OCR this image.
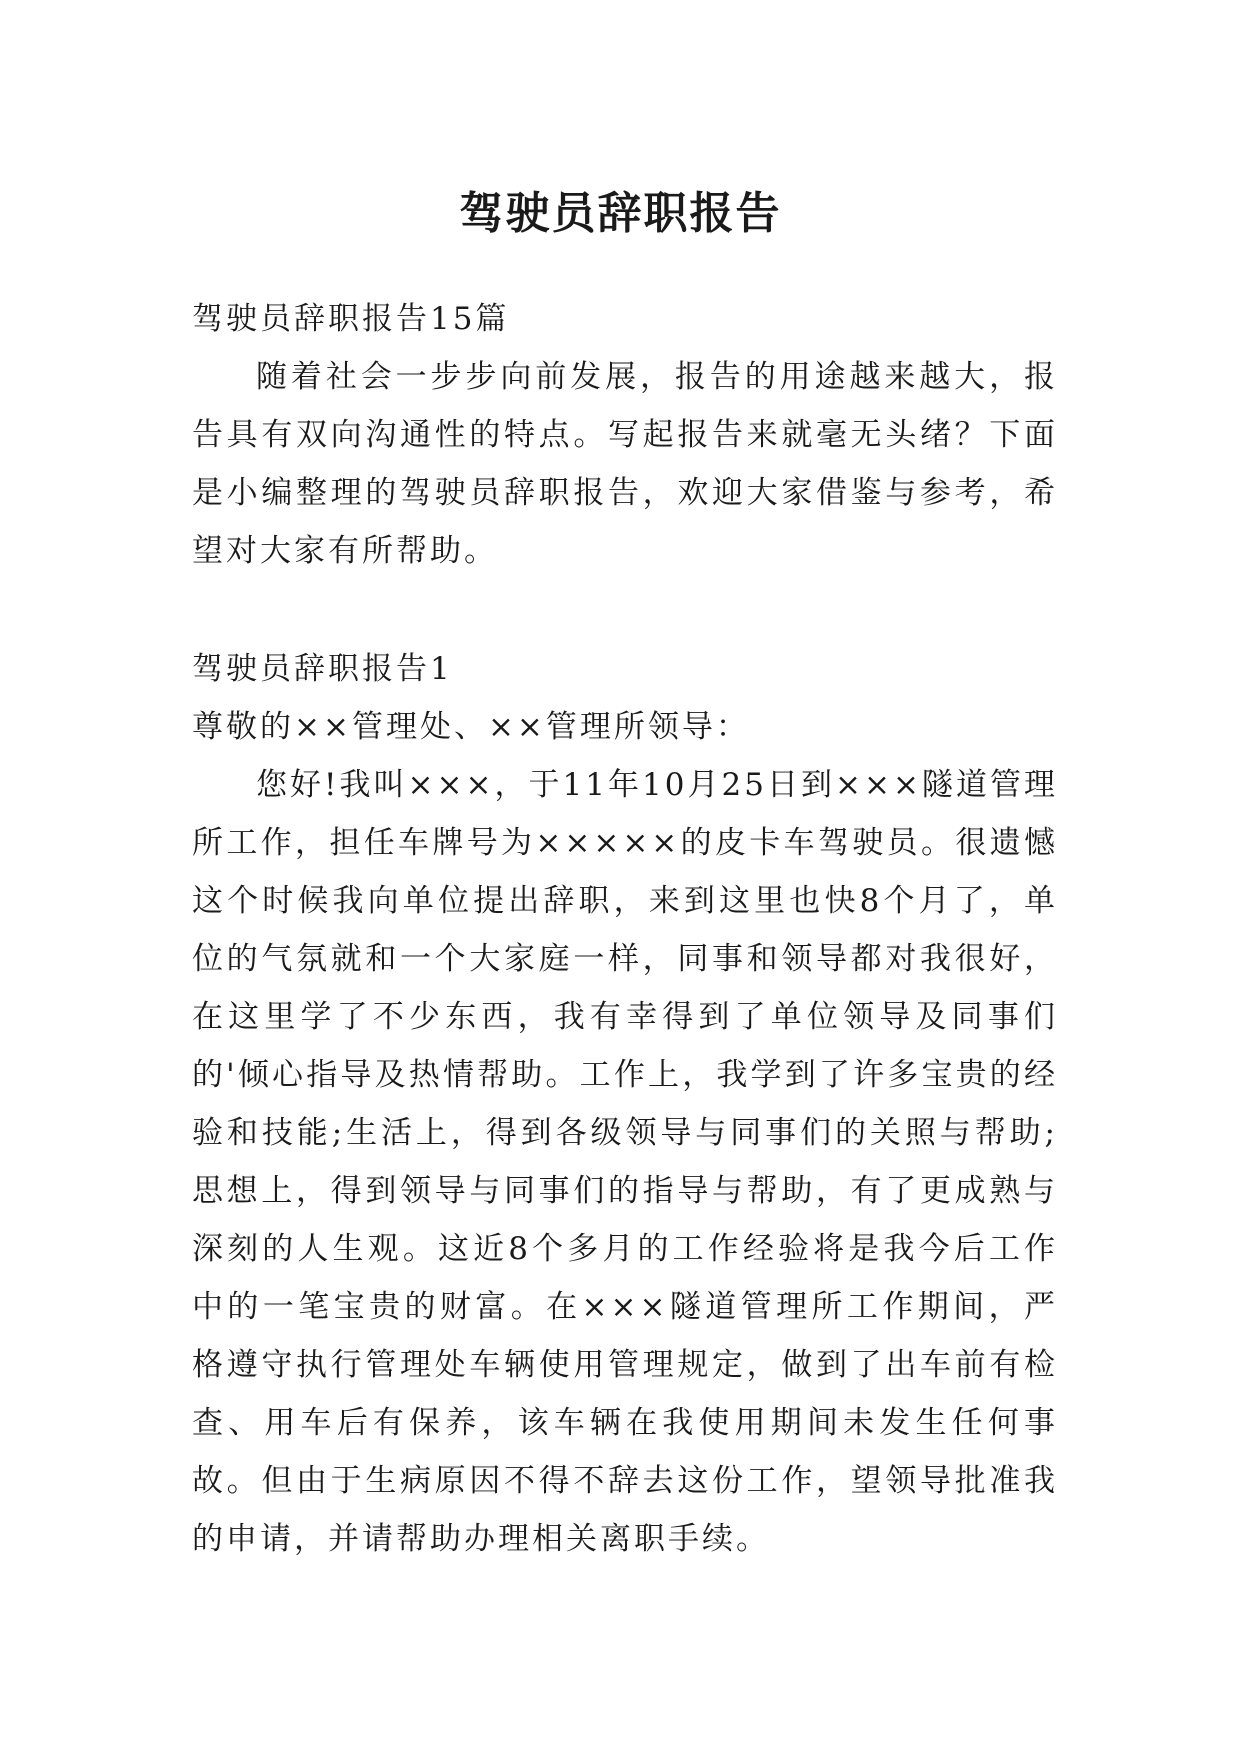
驾驶员辞职报告

驾驶员辞职报告15篇

随着社会一步步向前发展，报告的用途越来越大，报告具有双向沟通性的特点。写起报告来就毫无头绪？下面是小编整理的驾驶员辞职报告，欢迎大家借鉴与参考，希望对大家有所帮助。

驾驶员辞职报告1

尊敬的××管理处、××管理所领导：

您好!我叫×××，于11年10月25日到×××隧道管理所工作，担任车牌号为×××××的皮卡车驾驶员。很遗憾这个时候我向单位提出辞职，来到这里也快8个月了，单位的气氛就和一个大家庭一样，同事和领导都对我很好，在这里学了不少东西，我有幸得到了单位领导及同事们的'倾心指导及热情帮助。工作上，我学到了许多宝贵的经验和技能;生活上，得到各级领导与同事们的关照与帮助;思想上，得到领导与同事们的指导与帮助，有了更成熟与深刻的人生观。这近8个多月的工作经验将是我今后工作中的一笔宝贵的财富。在×××隧道管理所工作期间，严格遵守执行管理处车辆使用管理规定，做到了出车前有检查、用车后有保养，该车辆在我使用期间未发生任何事故。但由于生病原因不得不辞去这份工作，望领导批准我的申请，并请帮助办理相关离职手续。
